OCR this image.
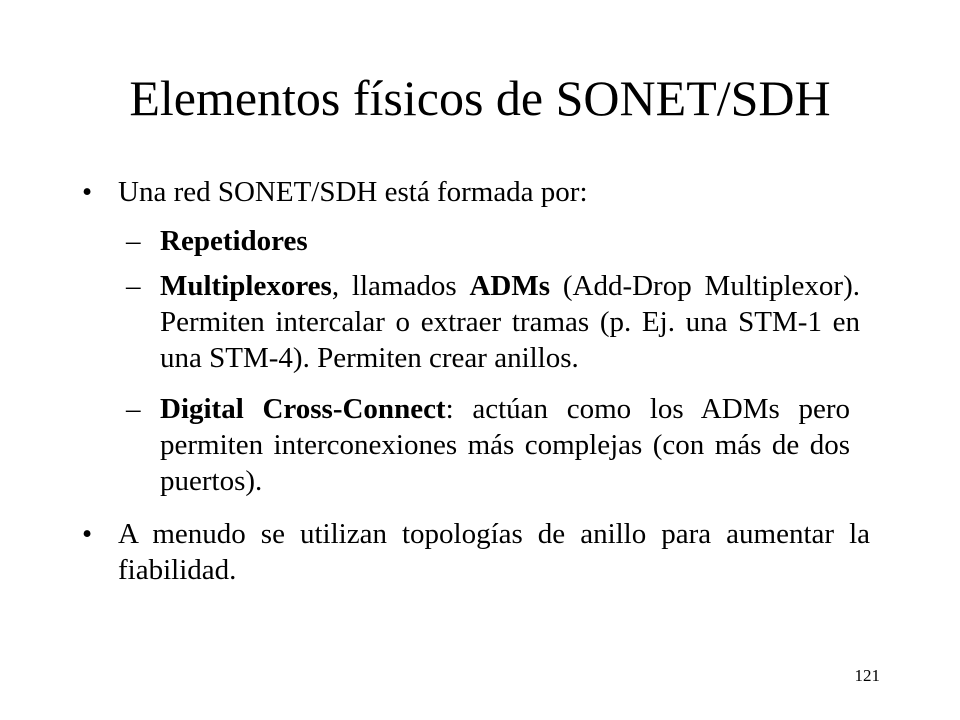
Elementos físicos de SONET/SDH
• Una red SONET/SDH está formada por:
– Repetidores
– Multiplexores, llamados ADMs (Add-Drop Multiplexor). Permiten intercalar o extraer tramas (p. Ej. una STM-1 en una STM-4). Permiten crear anillos.
– Digital Cross-Connect: actúan como los ADMs pero permiten interconexiones más complejas (con más de dos puertos).
• A menudo se utilizan topologías de anillo para aumentar la fiabilidad.
121
